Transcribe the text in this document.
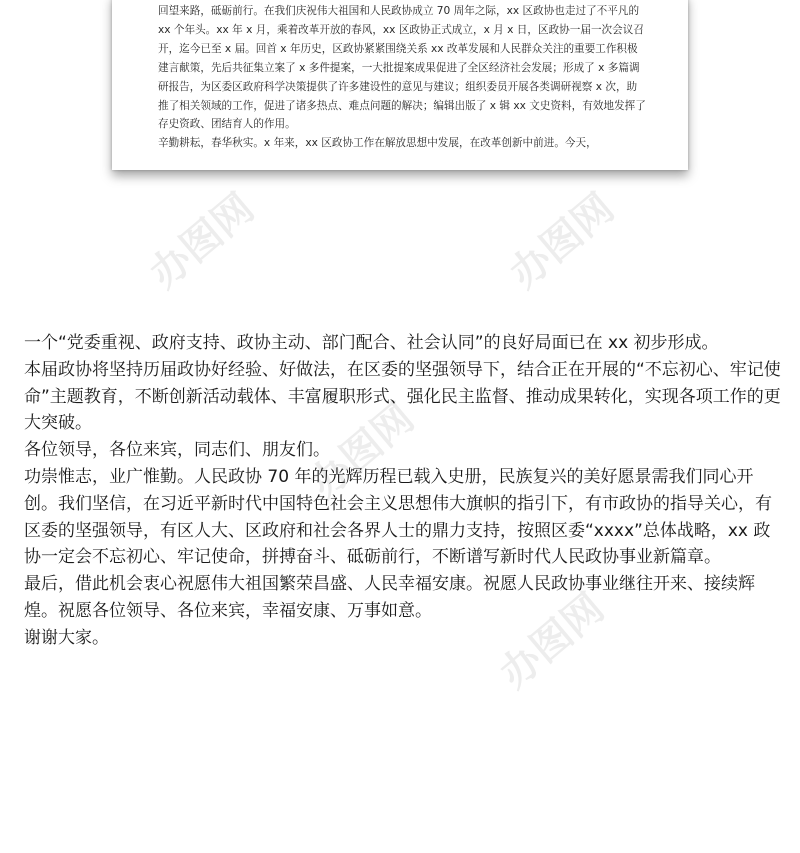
办图网	办图网
办图网
办图网

回望来路，砥砺前行。在我们庆祝伟大祖国和人民政协成立 70 周年之际，xx 区政协也走过了不平凡的 xx 个年头。xx 年 x 月，乘着改革开放的春风，xx 区政协正式成立，x 月 x 日，区政协一届一次会议召开，迄今已至 x 届。回首 x 年历史，区政协紧紧围绕关系 xx 改革发展和人民群众关注的重要工作积极建言献策，先后共征集立案了 x 多件提案，一大批提案成果促进了全区经济社会发展；形成了 x 多篇调研报告，为区委区政府科学决策提供了许多建设性的意见与建议；组织委员开展各类调研视察 x 次，助推了相关领域的工作，促进了诸多热点、难点问题的解决；编辑出版了 x 辑 xx 文史资料，有效地发挥了存史资政、团结育人的作用。

辛勤耕耘，春华秋实。x 年来，xx 区政协工作在解放思想中发展，在改革创新中前进。今天，

一个“党委重视、政府支持、政协主动、部门配合、社会认同”的良好局面已在 xx 初步形成。

本届政协将坚持历届政协好经验、好做法，在区委的坚强领导下，结合正在开展的“不忘初心、牢记使命”主题教育，不断创新活动载体、丰富履职形式、强化民主监督、推动成果转化，实现各项工作的更大突破。

各位领导，各位来宾，同志们、朋友们。

功崇惟志，业广惟勤。人民政协 70 年的光辉历程已载入史册，民族复兴的美好愿景需我们同心开创。我们坚信，在习近平新时代中国特色社会主义思想伟大旗帜的指引下，有市政协的指导关心，有区委的坚强领导，有区人大、区政府和社会各界人士的鼎力支持，按照区委“xxxx”总体战略，xx 政协一定会不忘初心、牢记使命，拼搏奋斗、砥砺前行，不断谱写新时代人民政协事业新篇章。

最后，借此机会衷心祝愿伟大祖国繁荣昌盛、人民幸福安康。祝愿人民政协事业继往开来、接续辉煌。祝愿各位领导、各位来宾，幸福安康、万事如意。

谢谢大家。
